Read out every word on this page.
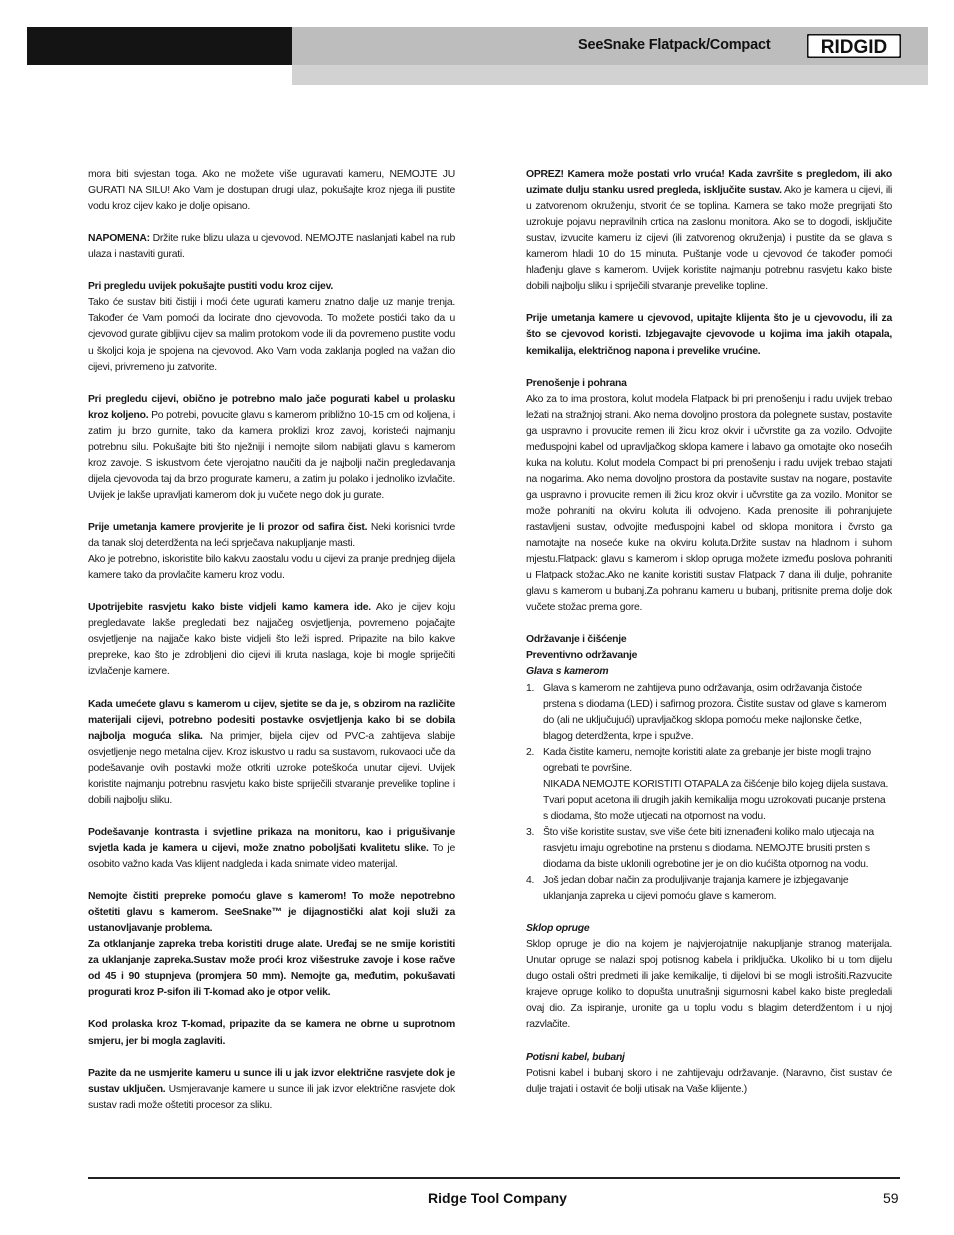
SeeSnake Flatpack/Compact	RIDGID

mora biti svjestan toga. Ako ne možete više uguravati kameru, NEMOJTE JU GURATI NA SILU! Ako Vam je dostupan drugi ulaz, pokušajte kroz njega ili pustite vodu kroz cijev kako je dolje opisano.

NAPOMENA: Držite ruke blizu ulaza u cjevovod. NEMOJTE naslanjati kabel na rub ulaza i nastaviti gurati.

Pri pregledu uvijek pokušajte pustiti vodu kroz cijev.
Tako će sustav biti čistiji i moći ćete ugurati kameru znatno dalje uz manje trenja. Također će Vam pomoći da locirate dno cjevovoda. To možete postići tako da u cjevovod gurate gibljivu cijev sa malim protokom vode ili da povremeno pustite vodu u školjci koja je spojena na cjevovod. Ako Vam voda zaklanja pogled na važan dio cijevi, privremeno ju zatvorite.

Pri pregledu cijevi, obično je potrebno malo jače pogurati kabel u prolasku kroz koljeno. Po potrebi, povucite glavu s kamerom približno 10-15 cm od koljena, i zatim ju brzo gurnite, tako da kamera proklizi kroz zavoj, koristeći najmanju potrebnu silu. Pokušajte biti što nježniji i nemojte silom nabijati glavu s kamerom kroz zavoje. S iskustvom ćete vjerojatno naučiti da je najbolji način pregledavanja dijela cjevovoda taj da brzo progurate kameru, a zatim ju polako i jednoliko izvlačite. Uvijek je lakše upravljati kamerom dok ju vučete nego dok ju gurate.

Prije umetanja kamere provjerite je li prozor od safira čist. Neki korisnici tvrde da tanak sloj deterdženta na leći sprječava nakupljanje masti.
Ako je potrebno, iskoristite bilo kakvu zaostalu vodu u cijevi za pranje prednjeg dijela kamere tako da provlačite kameru kroz vodu.

Upotrijebite rasvjetu kako biste vidjeli kamo kamera ide. Ako je cijev koju pregledavate lakše pregledati bez najjačeg osvjetljenja, povremeno pojačajte osvjetljenje na najjače kako biste vidjeli što leži ispred. Pripazite na bilo kakve prepreke, kao što je zdrobljeni dio cijevi ili kruta naslaga, koje bi mogle spriječiti izvlačenje kamere.

Kada umećete glavu s kamerom u cijev, sjetite se da je, s obzirom na različite materijali cijevi, potrebno podesiti postavke osvjetljenja kako bi se dobila najbolja moguća slika. Na primjer, bijela cijev od PVC-a zahtijeva slabije osvjetljenje nego metalna cijev. Kroz iskustvo u radu sa sustavom, rukovaoci uče da podešavanje ovih postavki može otkriti uzroke poteškoća unutar cijevi. Uvijek koristite najmanju potrebnu rasvjetu kako biste spriječili stvaranje prevelike topline i dobili najbolju sliku.

Podešavanje kontrasta i svjetline prikaza na monitoru, kao i prigušivanje svjetla kada je kamera u cijevi, može znatno poboljšati kvalitetu slike. To je osobito važno kada Vas klijent nadgleda i kada snimate video materijal.

Nemojte čistiti prepreke pomoću glave s kamerom! To može nepotrebno oštetiti glavu s kamerom. SeeSnake™ je dijagnostički alat koji služi za ustanovljavanje problema.
Za otklanjanje zapreka treba koristiti druge alate. Uređaj se ne smije koristiti za uklanjanje zapreka.Sustav može proći kroz višestruke zavoje i kose račve od 45 i 90 stupnjeva (promjera 50 mm). Nemojte ga, međutim, pokušavati progurati kroz P-sifon ili T-komad ako je otpor velik.

Kod prolaska kroz T-komad, pripazite da se kamera ne obrne u suprotnom smjeru, jer bi mogla zaglaviti.

Pazite da ne usmjerite kameru u sunce ili u jak izvor električne rasvjete dok je sustav uključen. Usmjeravanje kamere u sunce ili jak izvor električne rasvjete dok sustav radi može oštetiti procesor za sliku.

OPREZ! Kamera može postati vrlo vruća! Kada završite s pregledom, ili ako uzimate dulju stanku usred pregleda, isključite sustav. Ako je kamera u cijevi, ili u zatvorenom okruženju, stvorit će se toplina. Kamera se tako može pregrijati što uzrokuje pojavu nepravilnih crtica na zaslonu monitora. Ako se to dogodi, isključite sustav, izvucite kameru iz cijevi (ili zatvorenog okruženja) i pustite da se glava s kamerom hladi 10 do 15 minuta. Puštanje vode u cjevovod će također pomoći hlađenju glave s kamerom. Uvijek koristite najmanju potrebnu rasvjetu kako biste dobili najbolju sliku i spriječili stvaranje prevelike topline.

Prije umetanja kamere u cjevovod, upitajte klijenta što je u cjevovodu, ili za što se cjevovod koristi. Izbjegavajte cjevovode u kojima ima jakih otapala, kemikalija, električnog napona i prevelike vrućine.

Prenošenje i pohrana
Ako za to ima prostora, kolut modela Flatpack bi pri prenošenju i radu uvijek trebao ležati na stražnjoj strani. Ako nema dovoljno prostora da polegnete sustav, postavite ga uspravno i provucite remen ili žicu kroz okvir i učvrstite ga za vozilo. Odvojite međuspojni kabel od upravljačkog sklopa kamere i labavo ga omotajte oko nosećih kuka na kolutu. Kolut modela Compact bi pri prenošenju i radu uvijek trebao stajati na nogarima. Ako nema dovoljno prostora da postavite sustav na nogare, postavite ga uspravno i provucite remen ili žicu kroz okvir i učvrstite ga za vozilo. Monitor se može pohraniti na okviru koluta ili odvojeno. Kada prenosite ili pohranjujete rastavljeni sustav, odvojite međuspojni kabel od sklopa monitora i čvrsto ga namotajte na noseće kuke na okviru koluta.Držite sustav na hladnom i suhom mjestu.Flatpack: glavu s kamerom i sklop opruga možete između poslova pohraniti u Flatpack stožac.Ako ne kanite koristiti sustav Flatpack 7 dana ili dulje, pohranite glavu s kamerom u bubanj.Za pohranu kameru u bubanj, pritisnite prema dolje dok vučete stožac prema gore.

Održavanje i čišćenje
Preventivno održavanje
Glava s kamerom

1. Glava s kamerom ne zahtijeva puno održavanja, osim održavanja čistoće prstena s diodama (LED) i safirnog prozora. Čistite sustav od glave s kamerom do (ali ne uključujući) upravljačkog sklopa pomoću meke najlonske četke, blagog deterdženta, krpe i spužve.
2. Kada čistite kameru, nemojte koristiti alate za grebanje jer biste mogli trajno ogrebati te površine.
NIKADA NEMOJTE KORISTITI OTAPALA za čišćenje bilo kojeg dijela sustava. Tvari poput acetona ili drugih jakih kemikalija mogu uzrokovati pucanje prstena s diodama, što može utjecati na otpornost na vodu.
3. Što više koristite sustav, sve više ćete biti iznenađeni koliko malo utjecaja na rasvjetu imaju ogrebotine na prstenu s diodama. NEMOJTE brusiti prsten s diodama da biste uklonili ogrebotine jer je on dio kućišta otpornog na vodu.
4. Još jedan dobar način za produljivanje trajanja kamere je izbjegavanje uklanjanja zapreka u cijevi pomoću glave s kamerom.

Sklop opruge
Sklop opruge je dio na kojem je najvjerojatnije nakupljanje stranog materijala. Unutar opruge se nalazi spoj potisnog kabela i priključka. Ukoliko bi u tom dijelu dugo ostali oštri predmeti ili jake kemikalije, ti dijelovi bi se mogli istrošiti.Razvucite krajeve opruge koliko to dopušta unutrašnji sigurnosni kabel kako biste pregledali ovaj dio. Za ispiranje, uronite ga u toplu vodu s blagim deterdžentom i u njoj razvlačite.

Potisni kabel, bubanj
Potisni kabel i bubanj skoro i ne zahtijevaju održavanje. (Naravno, čist sustav će dulje trajati i ostavit će bolji utisak na Vaše klijente.)

Ridge Tool Company	59
